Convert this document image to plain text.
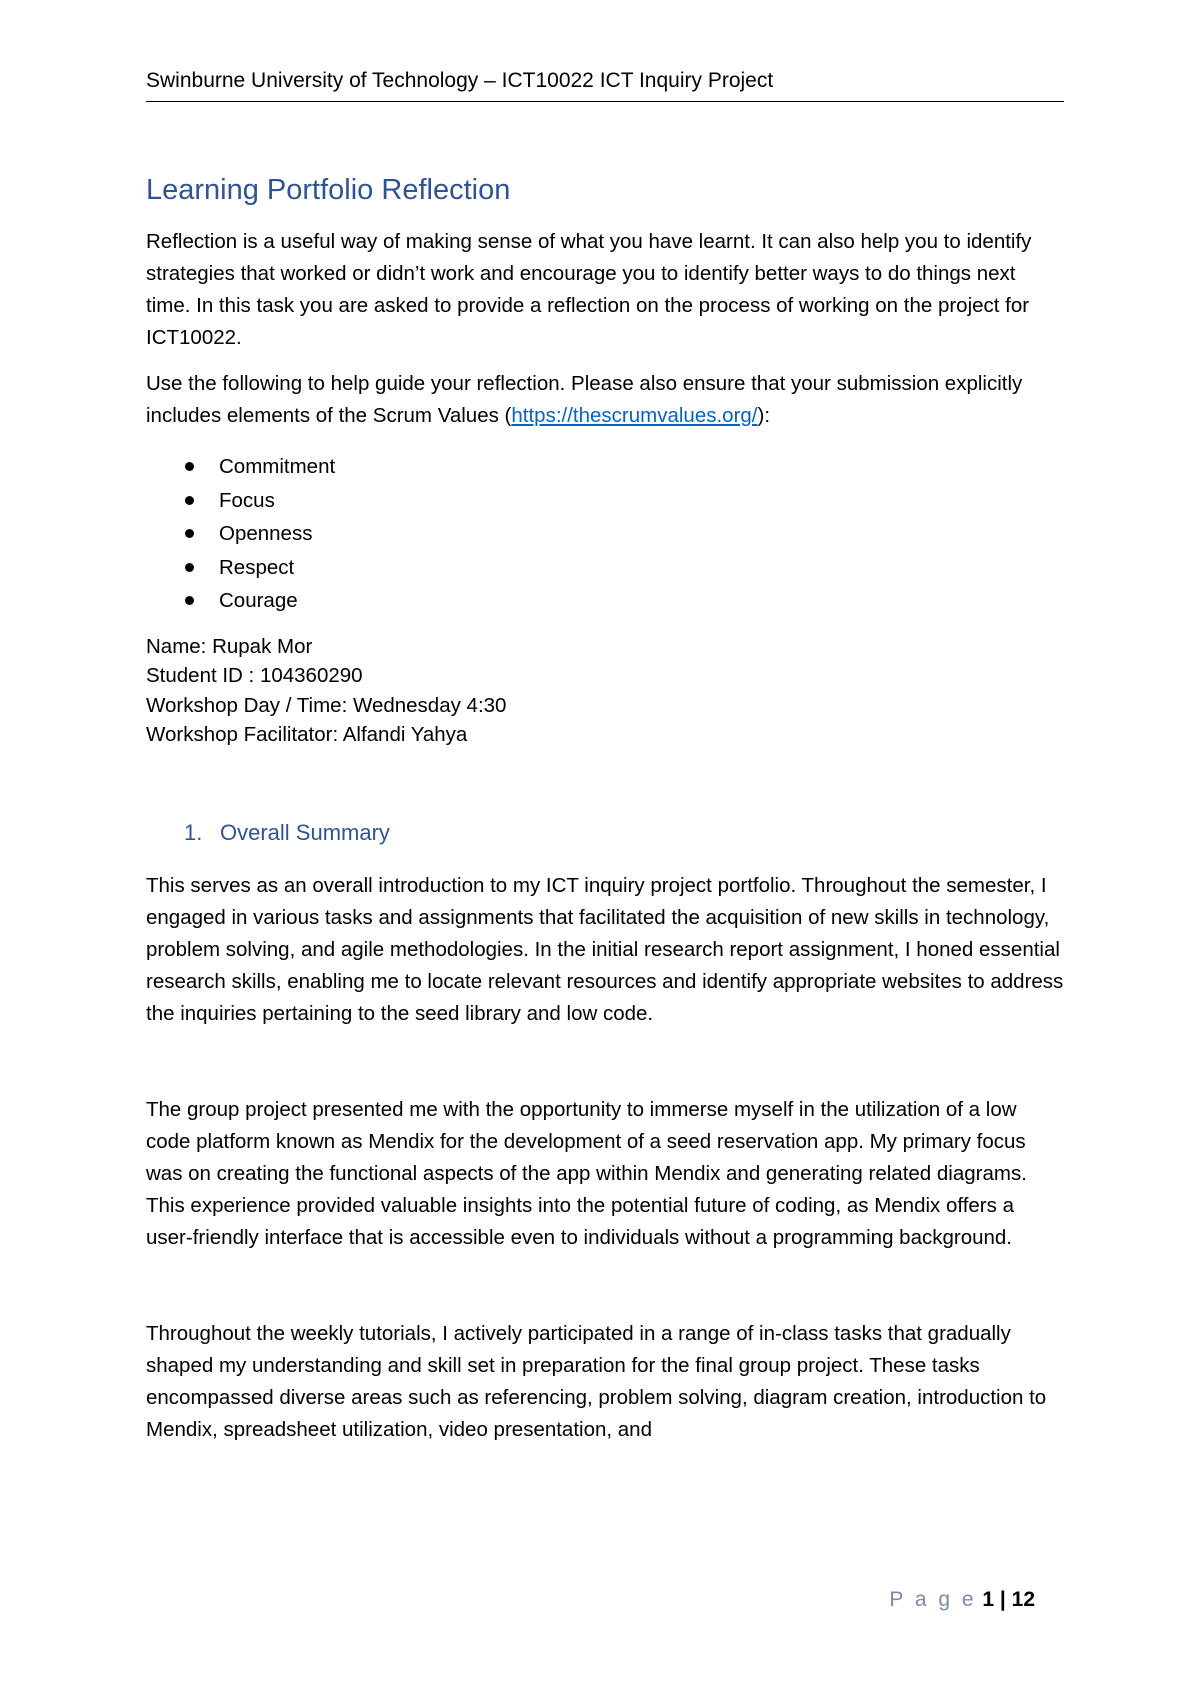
Swinburne University of Technology – ICT10022 ICT Inquiry Project
Learning Portfolio Reflection

Reflection is a useful way of making sense of what you have learnt. It can also help you to identify strategies that worked or didn’t work and encourage you to identify better ways to do things next time. In this task you are asked to provide a reflection on the process of working on the project for ICT10022.

Use the following to help guide your reflection. Please also ensure that your submission explicitly includes elements of the Scrum Values (https://thescrumvalues.org/):

Commitment
Focus
Openness
Respect
Courage
Name: Rupak Mor
Student ID : 104360290
Workshop Day / Time: Wednesday 4:30
Workshop Facilitator: Alfandi Yahya
1. Overall Summary

This serves as an overall introduction to my ICT inquiry project portfolio. Throughout the semester, I engaged in various tasks and assignments that facilitated the acquisition of new skills in technology, problem solving, and agile methodologies. In the initial research report assignment, I honed essential research skills, enabling me to locate relevant resources and identify appropriate websites to address the inquiries pertaining to the seed library and low code.

The group project presented me with the opportunity to immerse myself in the utilization of a low code platform known as Mendix for the development of a seed reservation app. My primary focus was on creating the functional aspects of the app within Mendix and generating related diagrams. This experience provided valuable insights into the potential future of coding, as Mendix offers a user-friendly interface that is accessible even to individuals without a programming background.

Throughout the weekly tutorials, I actively participated in a range of in-class tasks that gradually shaped my understanding and skill set in preparation for the final group project. These tasks encompassed diverse areas such as referencing, problem solving, diagram creation, introduction to Mendix, spreadsheet utilization, video presentation, and

P a g e 1 | 12
